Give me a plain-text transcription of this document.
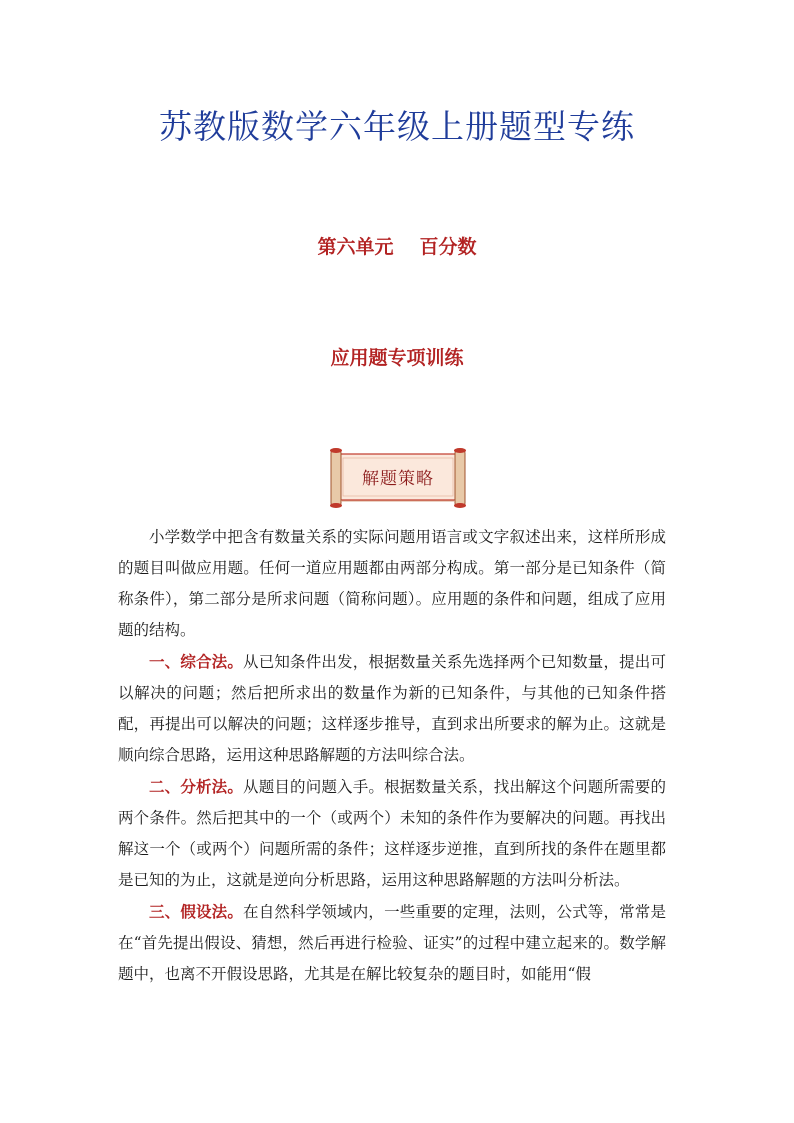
苏教版数学六年级上册题型专练
第六单元 百分数
应用题专项训练
解题策略

小学数学中把含有数量关系的实际问题用语言或文字叙述出来，这样所形成的题目叫做应用题。任何一道应用题都由两部分构成。第一部分是已知条件（简称条件），第二部分是所求问题（简称问题）。应用题的条件和问题，组成了应用题的结构。

一、综合法。从已知条件出发，根据数量关系先选择两个已知数量，提出可以解决的问题；然后把所求出的数量作为新的已知条件，与其他的已知条件搭配，再提出可以解决的问题；这样逐步推导，直到求出所要求的解为止。这就是顺向综合思路，运用这种思路解题的方法叫综合法。

二、分析法。从题目的问题入手。根据数量关系，找出解这个问题所需要的两个条件。然后把其中的一个（或两个）未知的条件作为要解决的问题。再找出解这一个（或两个）问题所需的条件；这样逐步逆推，直到所找的条件在题里都是已知的为止，这就是逆向分析思路，运用这种思路解题的方法叫分析法。

三、假设法。在自然科学领域内，一些重要的定理，法则，公式等，常常是在“首先提出假设、猜想，然后再进行检验、证实”的过程中建立起来的。数学解题中，也离不开假设思路，尤其是在解比较复杂的题目时，如能用“假
